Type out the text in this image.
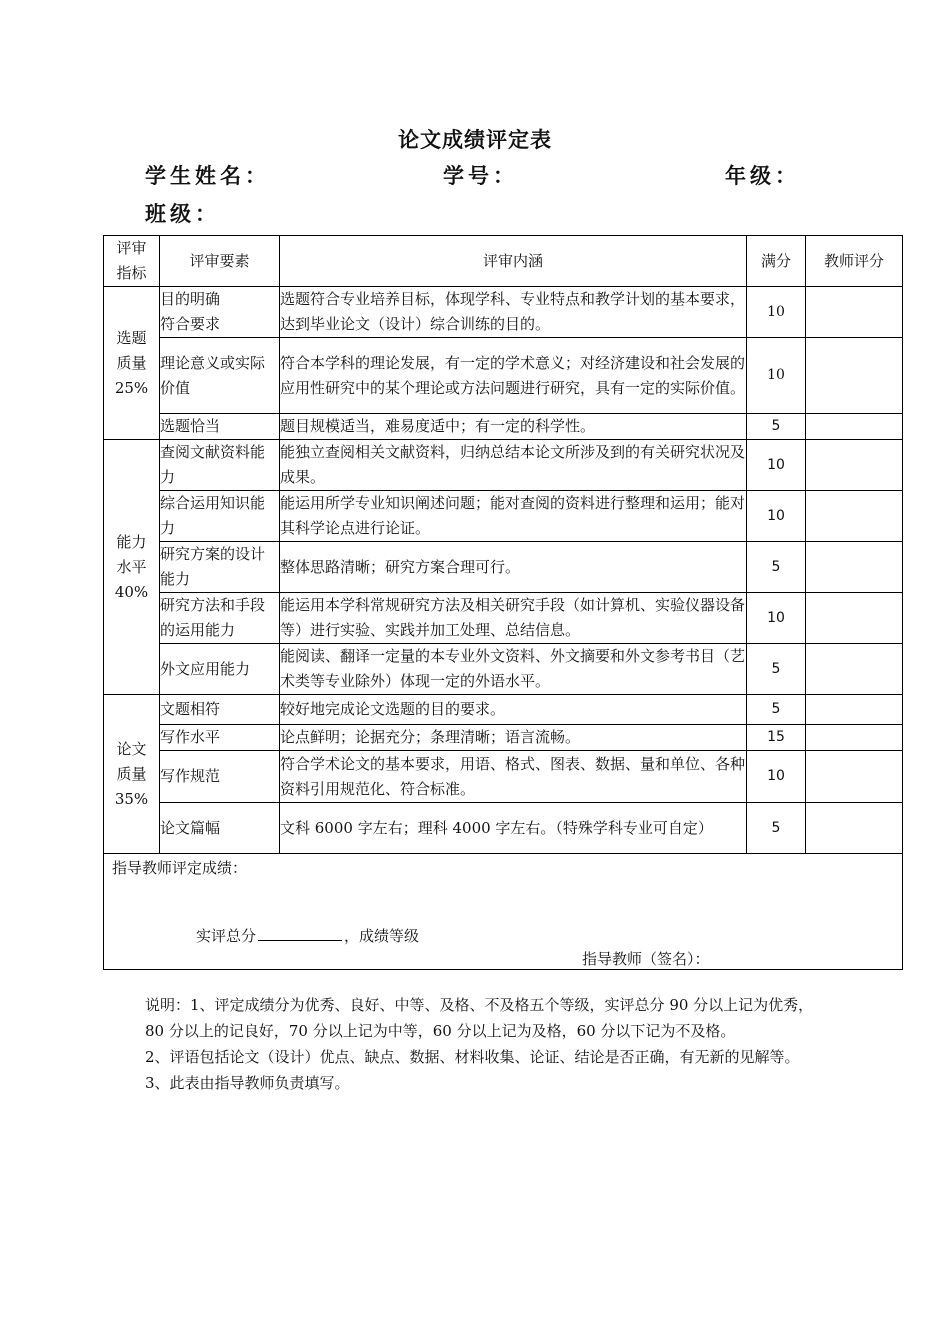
论文成绩评定表
学生姓名：	学号：	年级：
班级：
评审
指标	评审要素	评审内涵	满分	教师评分
选题
质量
25%	目的明确
符合要求	选题符合专业培养目标，体现学科、专业特点和教学计划的基本要求，达到毕业论文（设计）综合训练的目的。	10	
	理论意义或实际价值	符合本学科的理论发展，有一定的学术意义；对经济建设和社会发展的应用性研究中的某个理论或方法问题进行研究，具有一定的实际价值。	10	
	选题恰当	题目规模适当，难易度适中；有一定的科学性。	5	
能力
水平
40%	查阅文献资料能力	能独立查阅相关文献资料，归纳总结本论文所涉及到的有关研究状况及成果。	10	
	综合运用知识能力	能运用所学专业知识阐述问题；能对查阅的资料进行整理和运用；能对其科学论点进行论证。	10	
	研究方案的设计能力	整体思路清晰；研究方案合理可行。	5	
	研究方法和手段的运用能力	能运用本学科常规研究方法及相关研究手段（如计算机、实验仪器设备等）进行实验、实践并加工处理、总结信息。	10	
	外文应用能力	能阅读、翻译一定量的本专业外文资料、外文摘要和外文参考书目（艺术类等专业除外）体现一定的外语水平。	5	
论文
质量
35%	文题相符	较好地完成论文选题的目的要求。	5	
	写作水平	论点鲜明；论据充分；条理清晰；语言流畅。	15	
	写作规范	符合学术论文的基本要求，用语、格式、图表、数据、量和单位、各种资料引用规范化、符合标准。	10	
	论文篇幅	文科 6000 字左右；理科 4000 字左右。（特殊学科专业可自定）	5	

指导教师评定成绩：
实评总分 ，成绩等级
指导教师（签名）：				

说明：1、评定成绩分为优秀、良好、中等、及格、不及格五个等级，实评总分 90 分以上记为优秀，80 分以上的记良好，70 分以上记为中等，60 分以上记为及格，60 分以下记为不及格。

2、评语包括论文（设计）优点、缺点、数据、材料收集、论证、结论是否正确，有无新的见解等。

3、此表由指导教师负责填写。
